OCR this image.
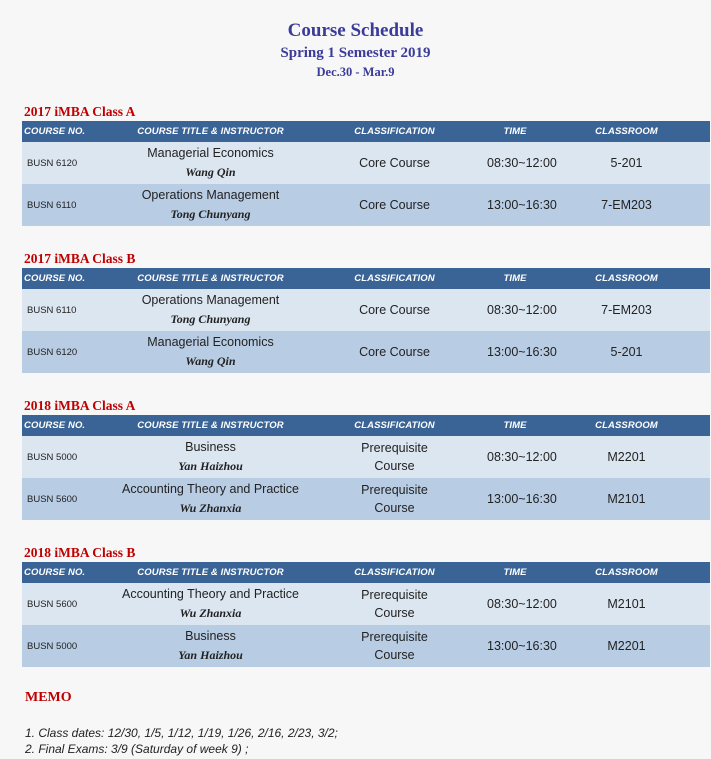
Course Schedule
Spring 1 Semester 2019
Dec.30 - Mar.9
2017 iMBA Class A
COURSE NO.	COURSE TITLE & INSTRUCTOR	CLASSIFICATION	TIME	CLASSROOM
BUSN 6120	Managerial Economics
Wang Qin	Core Course	08:30~12:00	5-201
BUSN 6110	Operations Management
Tong Chunyang	Core Course	13:00~16:30	7-EM203
2017 iMBA Class B
COURSE NO.	COURSE TITLE & INSTRUCTOR	CLASSIFICATION	TIME	CLASSROOM
BUSN 6110	Operations Management
Tong Chunyang	Core Course	08:30~12:00	7-EM203
BUSN 6120	Managerial Economics
Wang Qin	Core Course	13:00~16:30	5-201
2018 iMBA Class A
COURSE NO.	COURSE TITLE & INSTRUCTOR	CLASSIFICATION	TIME	CLASSROOM
BUSN 5000	Business
Yan Haizhou	Prerequisite
Course	08:30~12:00	M2201
BUSN 5600	Accounting Theory and Practice
Wu Zhanxia	Prerequisite
Course	13:00~16:30	M2101
2018 iMBA Class B
COURSE NO.	COURSE TITLE & INSTRUCTOR	CLASSIFICATION	TIME	CLASSROOM
BUSN 5600	Accounting Theory and Practice
Wu Zhanxia	Prerequisite
Course	08:30~12:00	M2101
BUSN 5000	Business
Yan Haizhou	Prerequisite
Course	13:00~16:30	M2201
MEMO
1. Class dates: 12/30, 1/5, 1/12, 1/19, 1/26, 2/16, 2/23, 3/2;
2. Final Exams: 3/9 (Saturday of week 9) ;
